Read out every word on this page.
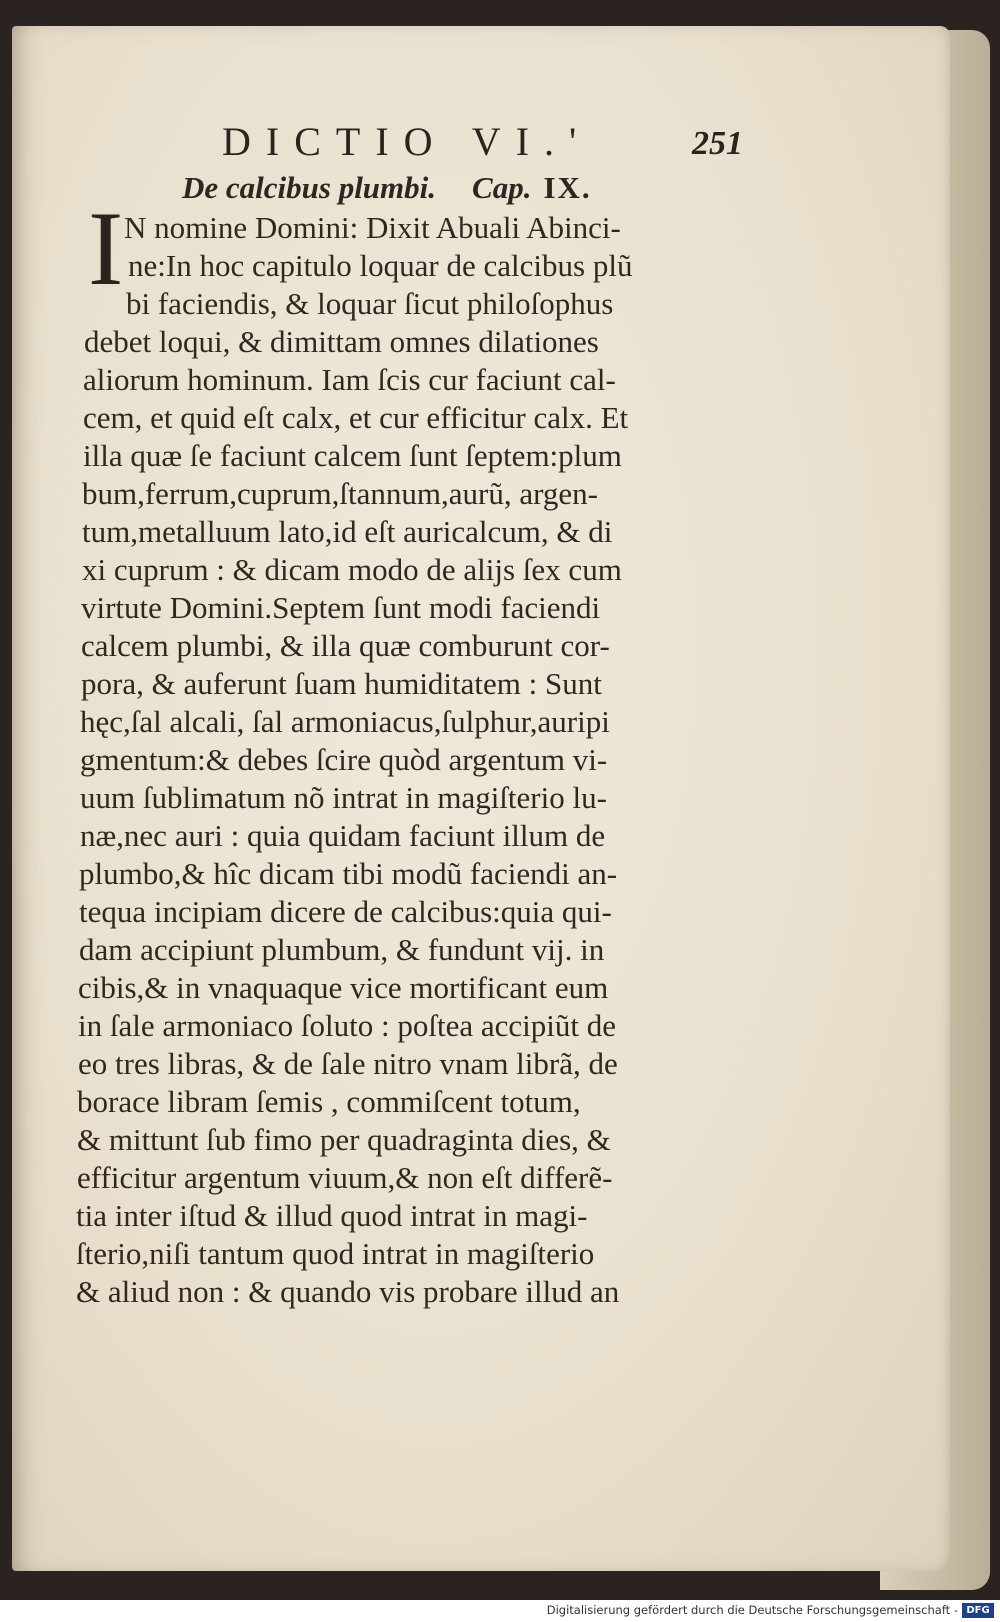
DICTIO VI.'	251
De calcibus plumbi. Cap. IX.
I N nomine Domini: Dixit Abuali Abinci-
ne:In hoc capitulo loquar de calcibus plũ
bi faciendis, & loquar ſicut philoſophus
debet loqui, & dimittam omnes dilationes
aliorum hominum. Iam ſcis cur faciunt cal-
cem, et quid eſt calx, et cur efficitur calx. Et
illa quæ ſe faciunt calcem ſunt ſeptem:plum
bum,ferrum,cuprum,ſtannum,aurũ, argen-
tum,metalluum lato,id eſt auricalcum, & di
xi cuprum : & dicam modo de alijs ſex cum
virtute Domini.Septem ſunt modi faciendi
calcem plumbi, & illa quæ comburunt cor-
pora, & auferunt ſuam humiditatem : Sunt
hęc,ſal alcali, ſal armoniacus,ſulphur,auripi
gmentum:& debes ſcire quòd argentum vi-
uum ſublimatum nõ intrat in magiſterio lu-
næ,nec auri : quia quidam faciunt illum de
plumbo,& hîc dicam tibi modũ faciendi an-
tequa incipiam dicere de calcibus:quia qui-
dam accipiunt plumbum, & fundunt vij. in
cibis,& in vnaquaque vice mortificant eum
in ſale armoniaco ſoluto : poſtea accipiũt de
eo tres libras, & de ſale nitro vnam librã, de
borace libram ſemis , commiſcent totum,
& mittunt ſub fimo per quadraginta dies, &
efficitur argentum viuum,& non eſt differẽ-
tia inter iſtud & illud quod intrat in magi-
ſterio,niſi tantum quod intrat in magiſterio
& aliud non : & quando vis probare illud an
Digitalisierung gefördert durch die Deutsche Forschungsgemeinschaft - DFG
